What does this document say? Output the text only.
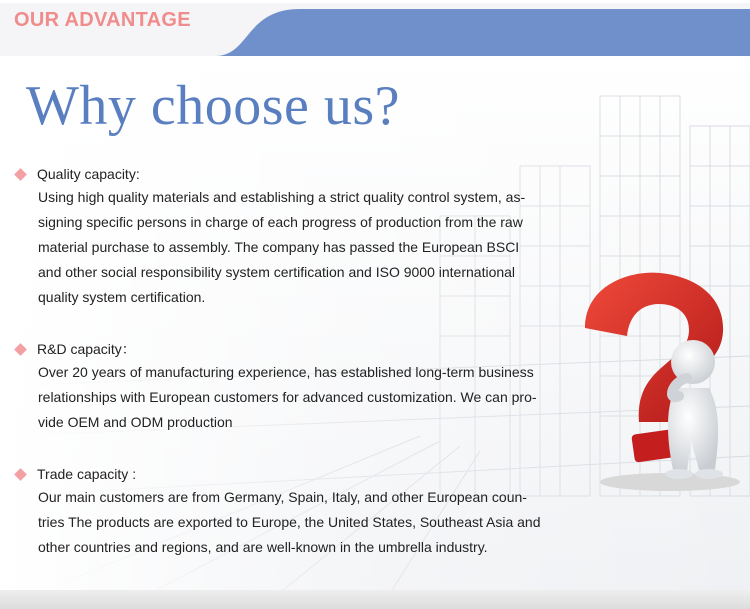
OUR ADVANTAGE
Why choose us?
Quality capacity:
Using high quality materials and establishing a strict quality control system, as-
signing specific persons in charge of each progress of production from the raw
material purchase to assembly. The company has passed the European BSCI
and other social responsibility system certification and ISO 9000 international
quality system certification.
R&D capacity：
Over 20 years of manufacturing experience, has established long-term business
relationships with European customers for advanced customization. We can pro-
vide OEM and ODM production
Trade capacity :
Our main customers are from Germany, Spain, Italy, and other European coun-
tries The products are exported to Europe, the United States, Southeast Asia and
other countries and regions, and are well-known in the umbrella industry.
